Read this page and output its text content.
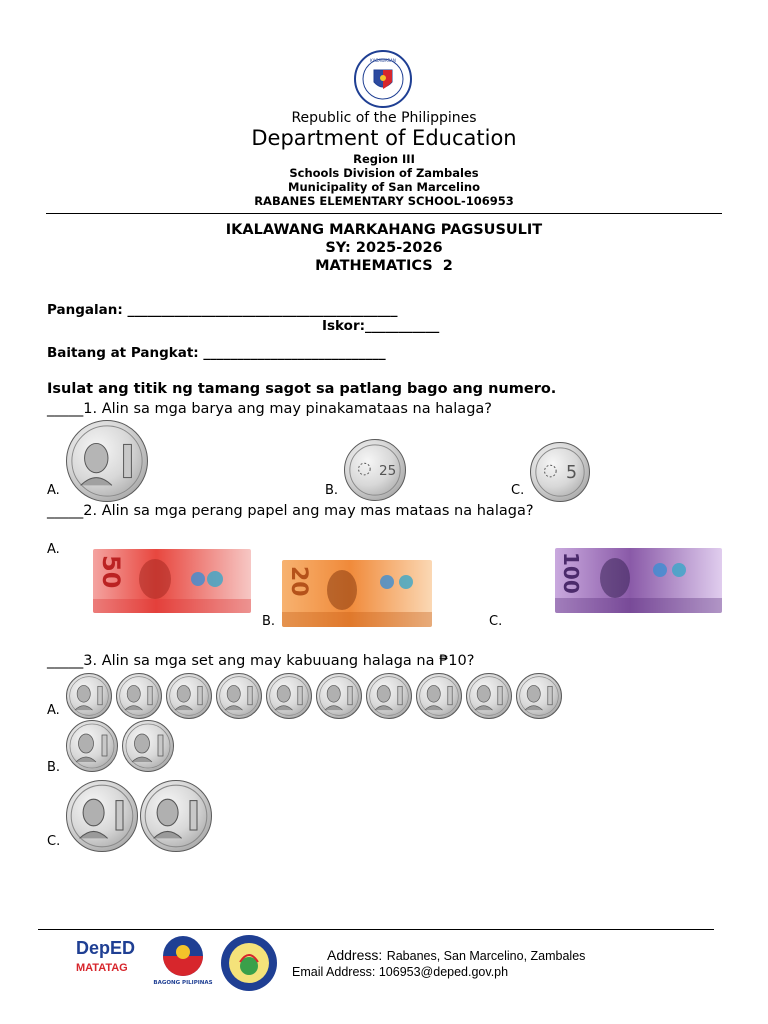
KAGAWARAN
Republic of the Philippines
Department of Education
Region III
Schools Division of Zambales
Municipality of San Marcelino
RABANES ELEMENTARY SCHOOL-106953
IKALAWANG MARKAHANG PAGSUSULIT
SY: 2025-2026
MATHEMATICS  2
Pangalan: ________________________________________
Iskor:___________
Baitang at Pangkat: ___________________________
Isulat ang titik ng tamang sagot sa patlang bago ang numero.
_____1. Alin sa mga barya ang may pinakamataas na halaga?
A.
25
B.
5
C.
_____2. Alin sa mga perang papel ang may mas mataas na halaga?
A.
50	20
B.
100
C.
_____3. Alin sa mga set ang may kabuuang halaga na ₱10?
A.
B.
C.
DepED
MATATAG
BAGONG PILIPINAS
Address: Rabanes, San Marcelino, Zambales
Email Address: 106953@deped.gov.ph
